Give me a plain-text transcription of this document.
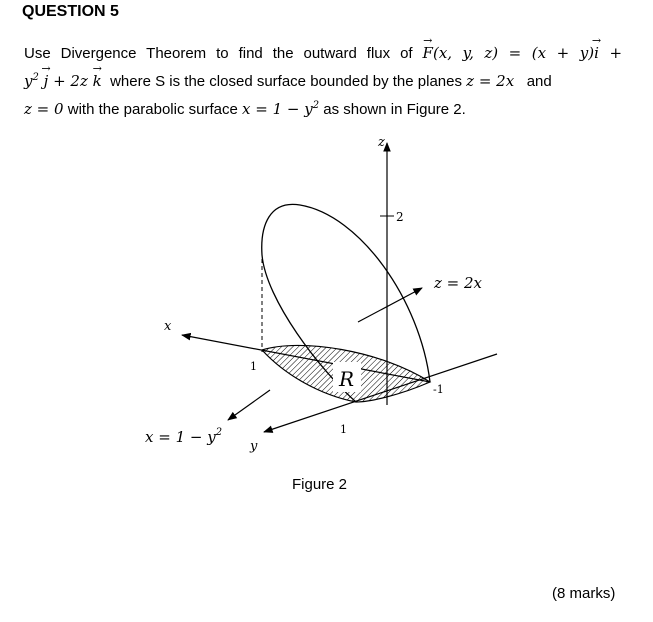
QUESTION 5
Use Divergence Theorem to find the outward flux of → F(x, y, z) = (x + y)→ i +
$y^2 \to j + 2z \to k$ where S is the closed surface bounded by the planes z = 2x and
z = 0 with the parabolic surface $x = 1 - y^2$ as shown in Figure 2.
z
2
x
1
-1
1
y
z = 2x
R
$x = 1 - y^2$
Figure 2
(8 marks)
